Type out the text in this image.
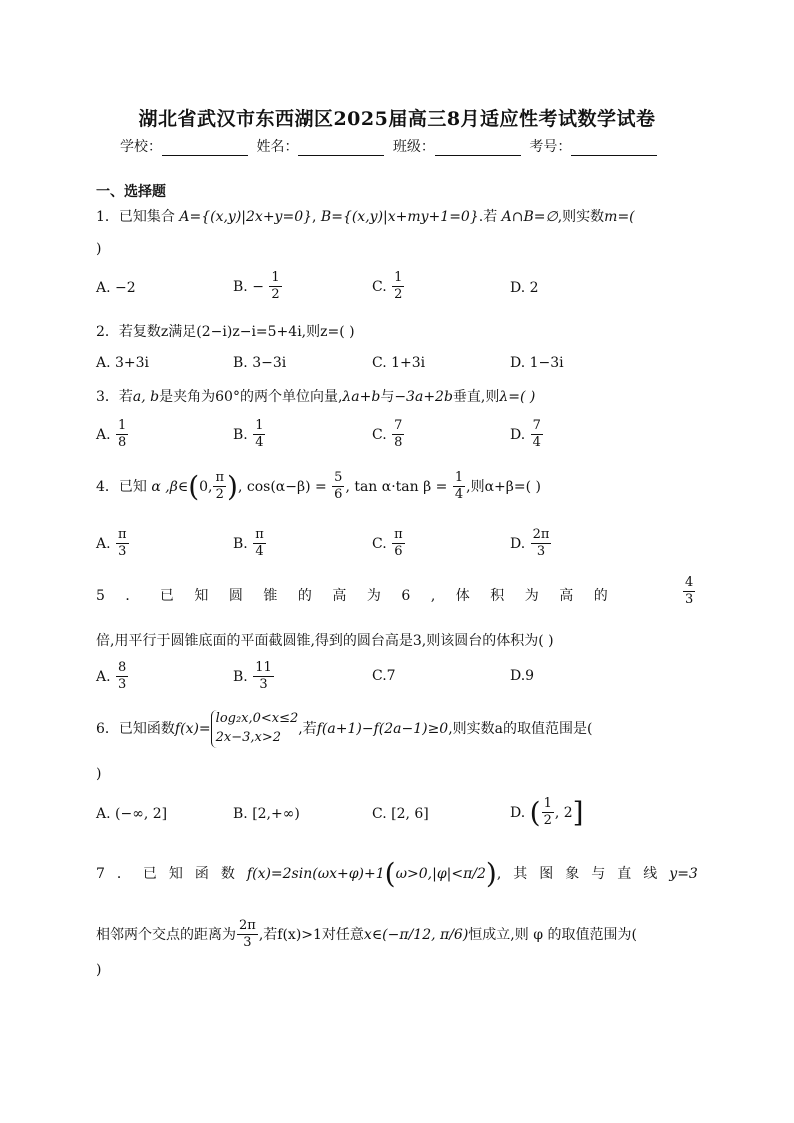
湖北省武汉市东西湖区2025届高三8月适应性考试数学试卷
学校：	姓名：	班级：	考号：
一、选择题
1．已知集合 A={(x,y)|2x+y=0}, B={(x,y)|x+my+1=0}.若 A∩B=∅,则实数m=(
)
A. −2	B. − $\frac{1}{2}$	C. $\frac{1}{2}$	D. 2
2．若复数z满足(2−i)z−i=5+4i,则z=( )
A. 3+3i	B. 3−3i	C. 1+3i	D. 1−3i
3．若a, b是夹角为60°的两个单位向量,λa+b与−3a+2b垂直,则λ=( )
A. $\frac{1}{8}$	B. $\frac{1}{4}$	C. $\frac{7}{8}$	D. $\frac{7}{4}$
4．已知 α ,β∈(0, $\frac{\pi}{2}$ ), $\cos(\alpha-\beta) = \frac{5}{6}$ , tan α·tan $\beta = \frac{1}{4}$ ,则α+β=( )
A. $\frac{\pi}{3}$	B. $\frac{\pi}{4}$	C. $\frac{\pi}{6}$	D. $\frac{2\pi}{3}$
5．已知圆锥的高为6,体积为高的	$\frac{4}{3}$
倍,用平行于圆锥底面的平面截圆锥,得到的圆台高是3,则该圆台的体积为( )
A. $\frac{8}{3}$	B. $\frac{11}{3}$	C.7	D.9
6．已知函数f(x)=
log₂x,0<x≤2
2x−3,x>2
,若f(a+1)−f(2a−1)≥0,则实数a的取值范围是(
)
A. (−∞, 2]	B. [2,+∞)	C. [2, 6]	D. ( $\frac{1}{2}$ , 2]
7．已知函数f(x)=2sin(ωx+φ)+1(ω>0,|φ|<π/2),其图象与直线y=3
相邻两个交点的距离为 $\frac{2\pi}{3}$ ,若f(x)>1对任意x∈(−π/12, π/6)恒成立,则 φ 的取值范围为(
)
